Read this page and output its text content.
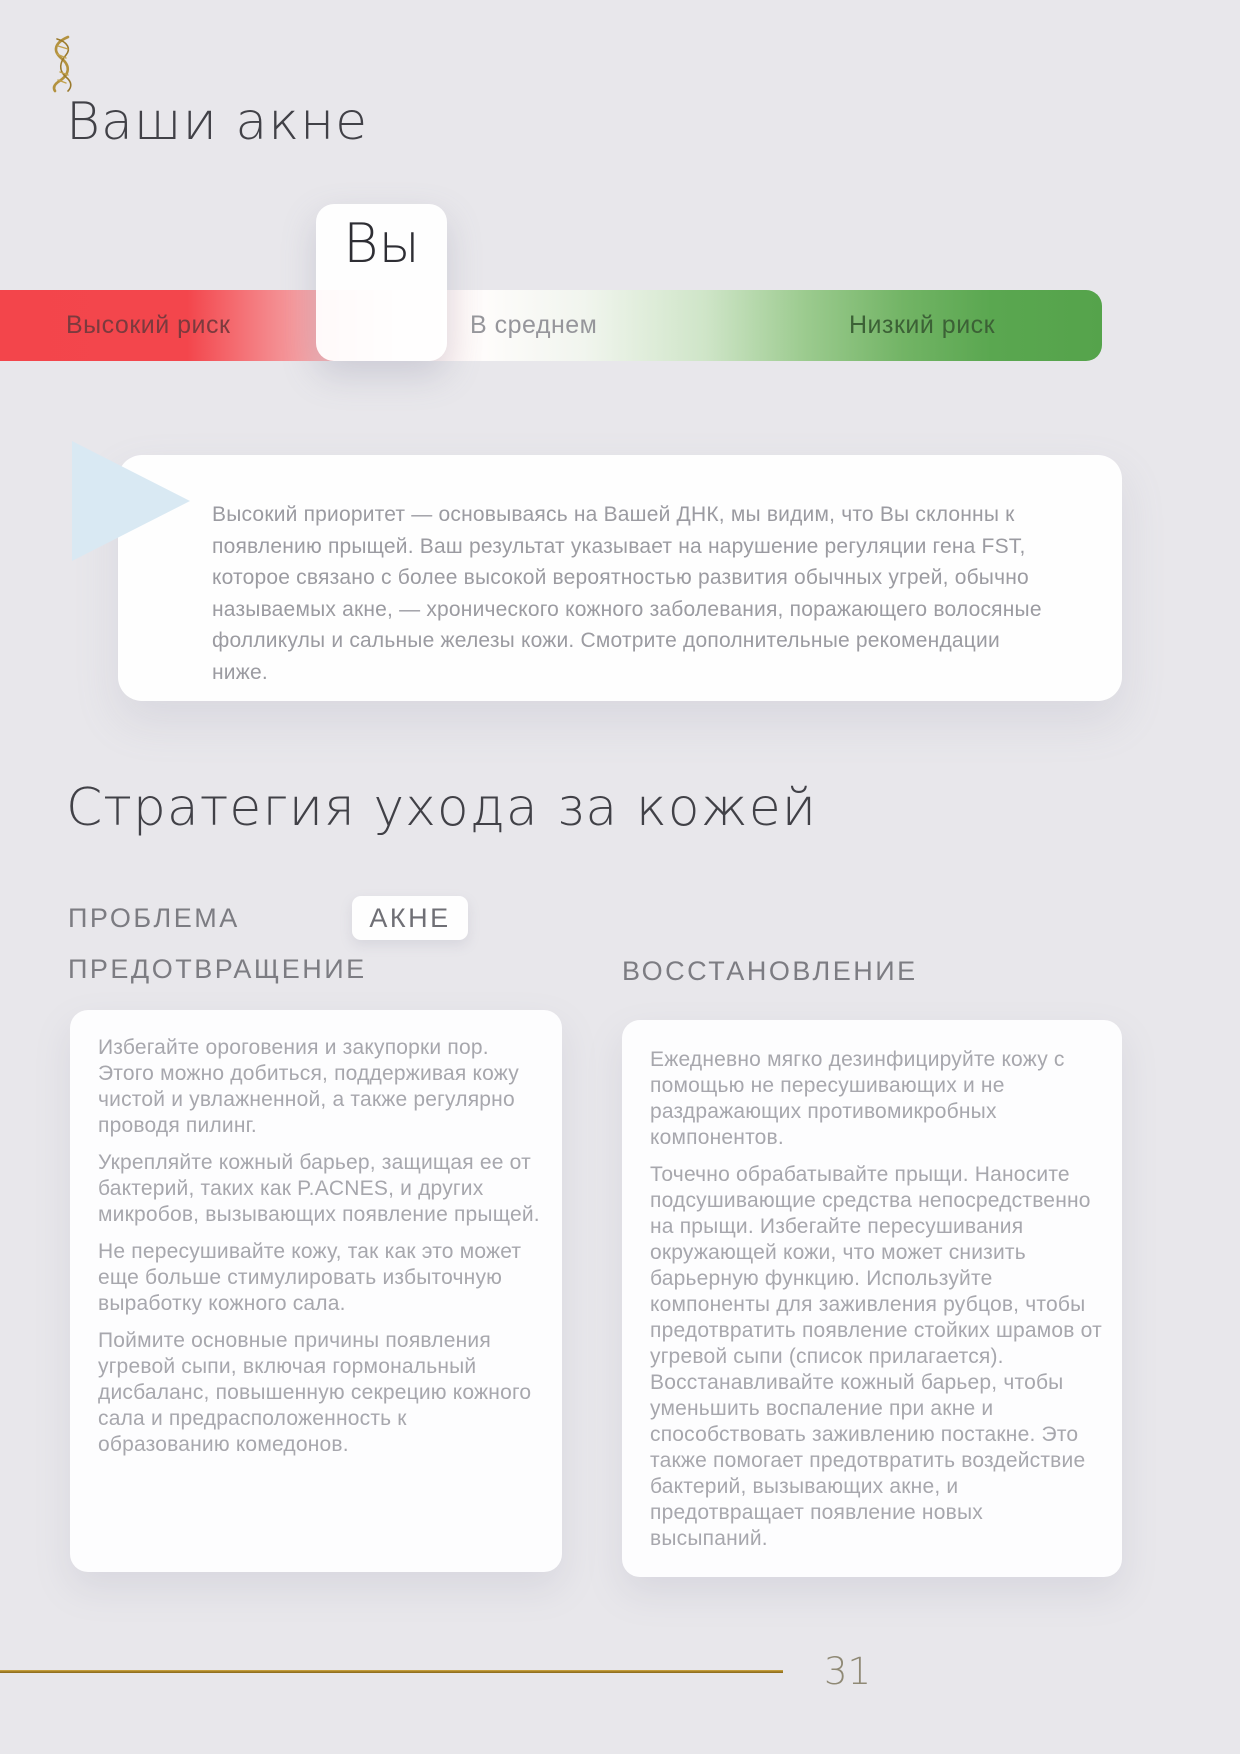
Ваши акне
Высокий риск	В среднем	Низкий риск
Вы
Высокий приоритет — основываясь на Вашей ДНК, мы видим, что Вы склонны к появлению прыщей. Ваш результат указывает на нарушение регуляции гена FST, которое связано с более высокой вероятностью развития обычных угрей, обычно называемых акне, — хронического кожного заболевания, поражающего волосяные фолликулы и сальные железы кожи. Смотрите дополнительные рекомендации ниже.
Стратегия ухода за кожей
ПРОБЛЕМА	АКНЕ
ПРЕДОТВРАЩЕНИЕ	ВОССТАНОВЛЕНИЕ

Избегайте ороговения и закупорки пор. Этого можно добиться, поддерживая кожу чистой и увлажненной, а также регулярно проводя пилинг.

Укрепляйте кожный барьер, защищая ее от бактерий, таких как P.ACNES, и других микробов, вызывающих появление прыщей.

Не пересушивайте кожу, так как это может еще больше стимулировать избыточную выработку кожного сала.

Поймите основные причины появления угревой сыпи, включая гормональный дисбаланс, повышенную секрецию кожного сала и предрасположенность к образованию комедонов.

Ежедневно мягко дезинфицируйте кожу с помощью не пересушивающих и не раздражающих противомикробных компонентов.

Точечно обрабатывайте прыщи. Наносите подсушивающие средства непосредственно на прыщи. Избегайте пересушивания окружающей кожи, что может снизить барьерную функцию. Используйте компоненты для заживления рубцов, чтобы предотвратить появление стойких шрамов от угревой сыпи (список прилагается). Восстанавливайте кожный барьер, чтобы уменьшить воспаление при акне и способствовать заживлению постакне. Это также помогает предотвратить воздействие бактерий, вызывающих акне, и предотвращает появление новых высыпаний.

31
